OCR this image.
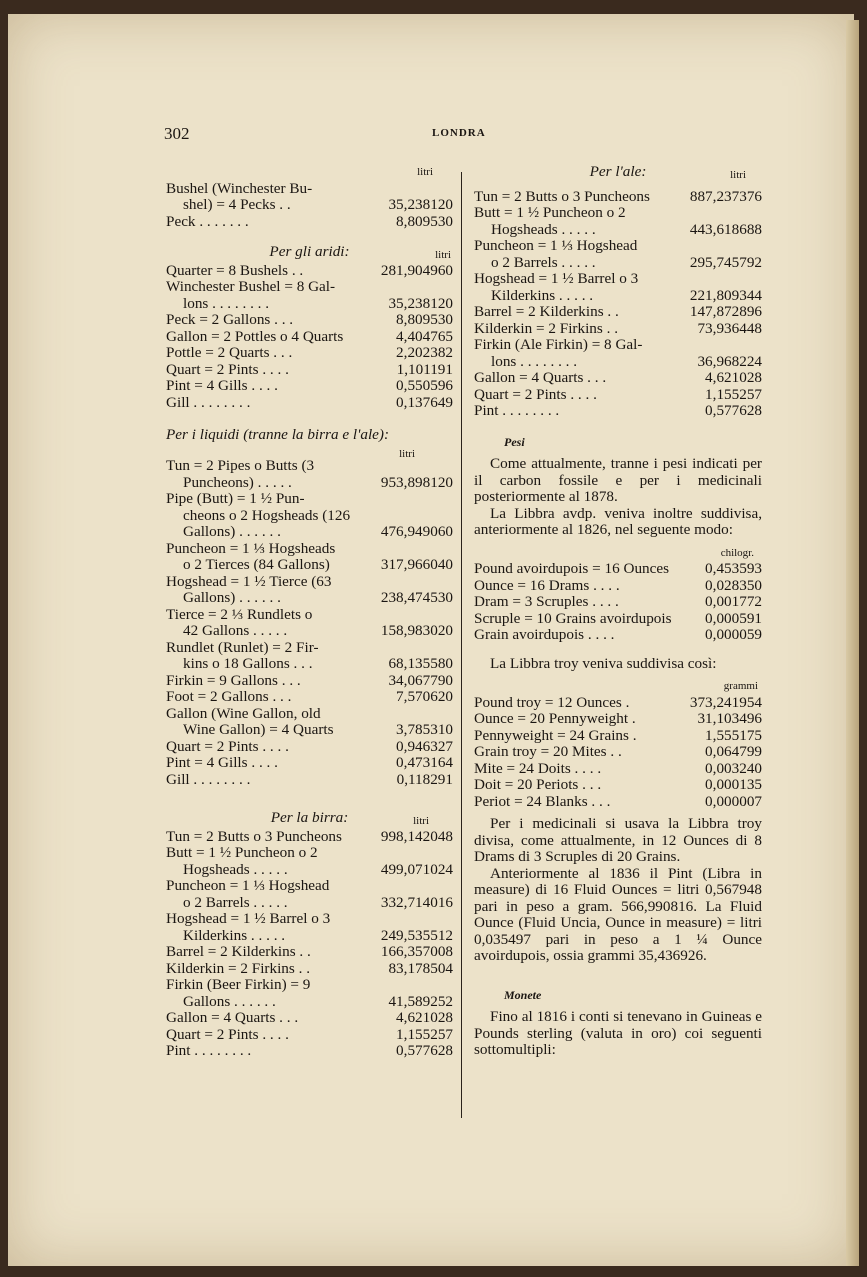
302	LONDRA
litri
Bushel (Winchester Bu-
shel) = 4 Pecks . .	35,238120
Peck . . . . . . .	8,809530
Per gli aridi:	litri
Quarter = 8 Bushels . .	281,904960
Winchester Bushel = 8 Gal-
lons . . . . . . . .	35,238120
Peck = 2 Gallons . . .	8,809530
Gallon = 2 Pottles o 4 Quarts	4,404765
Pottle = 2 Quarts . . .	2,202382
Quart = 2 Pints . . . .	1,101191
Pint = 4 Gills . . . .	0,550596
Gill . . . . . . . .	0,137649
Per i liquidi (tranne la birra e l'ale):
litri
Tun = 2 Pipes o Butts (3
Puncheons) . . . . .	953,898120
Pipe (Butt) = 1 ½ Pun-
cheons o 2 Hogsheads (126
Gallons) . . . . . .	476,949060
Puncheon = 1 ⅓ Hogsheads
o 2 Tierces (84 Gallons)	317,966040
Hogshead = 1 ½ Tierce (63
Gallons) . . . . . .	238,474530
Tierce = 2 ⅓ Rundlets o
42 Gallons . . . . .	158,983020
Rundlet (Runlet) = 2 Fir-
kins o 18 Gallons . . .	68,135580
Firkin = 9 Gallons . . .	34,067790
Foot = 2 Gallons . . .	7,570620
Gallon (Wine Gallon, old
Wine Gallon) = 4 Quarts	3,785310
Quart = 2 Pints . . . .	0,946327
Pint = 4 Gills . . . .	0,473164
Gill . . . . . . . .	0,118291
Per la birra:	litri
Tun = 2 Butts o 3 Puncheons	998,142048
Butt = 1 ½ Puncheon o 2
Hogsheads . . . . .	499,071024
Puncheon = 1 ⅓ Hogshead
o 2 Barrels . . . . .	332,714016
Hogshead = 1 ½ Barrel o 3
Kilderkins . . . . .	249,535512
Barrel = 2 Kilderkins . .	166,357008
Kilderkin = 2 Firkins . .	83,178504
Firkin (Beer Firkin) = 9
Gallons . . . . . .	41,589252
Gallon = 4 Quarts . . .	4,621028
Quart = 2 Pints . . . .	1,155257
Pint . . . . . . . .	0,577628
Per l'ale:	litri
Tun = 2 Butts o 3 Puncheons	887,237376
Butt = 1 ½ Puncheon o 2
Hogsheads . . . . .	443,618688
Puncheon = 1 ⅓ Hogshead
o 2 Barrels . . . . .	295,745792
Hogshead = 1 ½ Barrel o 3
Kilderkins . . . . .	221,809344
Barrel = 2 Kilderkins . .	147,872896
Kilderkin = 2 Firkins . .	73,936448
Firkin (Ale Firkin) = 8 Gal-
lons . . . . . . . .	36,968224
Gallon = 4 Quarts . . .	4,621028
Quart = 2 Pints . . . .	1,155257
Pint . . . . . . . .	0,577628
Pesi

Come attualmente, tranne i pesi indicati per il carbon fossile e per i medicinali posteriormente al 1878.

La Libbra avdp. veniva inoltre suddivisa, anteriormente al 1826, nel seguente modo:

chilogr.
Pound avoirdupois = 16 Ounces	0,453593
Ounce = 16 Drams . . . .	0,028350
Dram = 3 Scruples . . . .	0,001772
Scruple = 10 Grains avoirdupois	0,000591
Grain avoirdupois . . . .	0,000059

La Libbra troy veniva suddivisa così:

grammi
Pound troy = 12 Ounces .	373,241954
Ounce = 20 Pennyweight .	31,103496
Pennyweight = 24 Grains .	1,555175
Grain troy = 20 Mites . .	0,064799
Mite = 24 Doits . . . .	0,003240
Doit = 20 Periots . . .	0,000135
Periot = 24 Blanks . . .	0,000007

Per i medicinali si usava la Libbra troy divisa, come attualmente, in 12 Ounces di 8 Drams di 3 Scruples di 20 Grains.

Anteriormente al 1836 il Pint (Libra in measure) di 16 Fluid Ounces = litri 0,567948 pari in peso a gram. 566,990816. La Fluid Ounce (Fluid Uncia, Ounce in measure) = litri 0,035497 pari in peso a 1 ¼ Ounce avoirdupois, ossia grammi 35,436926.

Monete

Fino al 1816 i conti si tenevano in Guineas e Pounds sterling (valuta in oro) coi seguenti sottomultipli:
